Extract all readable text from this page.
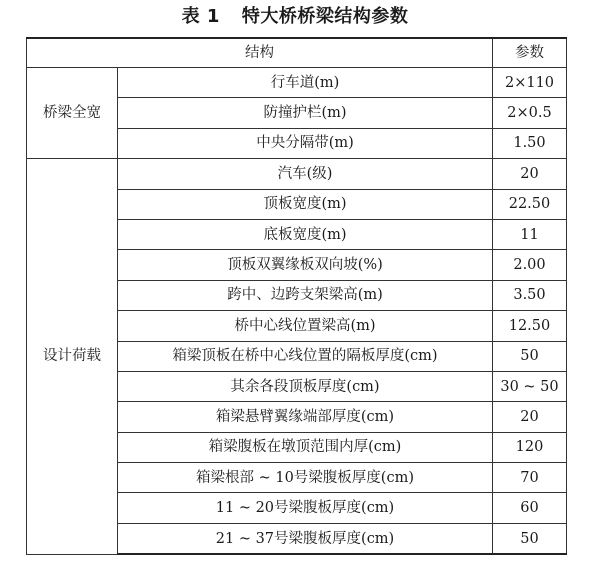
表 1 特大桥桥梁结构参数
结构		参数
桥梁全宽	行车道(m)	2×110
	防撞护栏(m)	2×0.5
	中央分隔带(m)	1.50
设计荷载	汽车(级)	20
	顶板宽度(m)	22.50
	底板宽度(m)	11
	顶板双翼缘板双向坡(%)	2.00
	跨中、边跨支架梁高(m)	3.50
	桥中心线位置梁高(m)	12.50
	箱梁顶板在桥中心线位置的隔板厚度(cm)	50
	其余各段顶板厚度(cm)	30 ~ 50
	箱梁悬臂翼缘端部厚度(cm)	20
	箱梁腹板在墩顶范围内厚(cm)	120
	箱梁根部 ~ 10号梁腹板厚度(cm)	70
	11 ~ 20号梁腹板厚度(cm)	60
	21 ~ 37号梁腹板厚度(cm)	50
